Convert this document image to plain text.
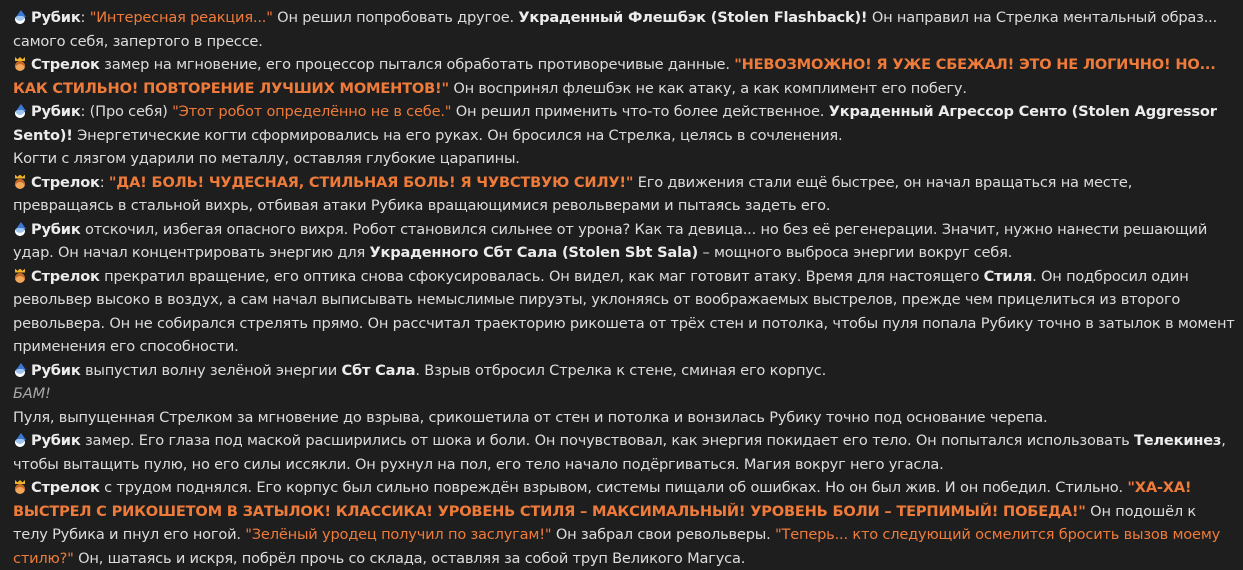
Рубик: "Интересная реакция..." Он решил попробовать другое. Украденный Флешбэк (Stolen Flashback)! Он направил на Стрелка ментальный образ... самого себя, запертого в прессе.

Стрелок замер на мгновение, его процессор пытался обработать противоречивые данные. "НЕВОЗМОЖНО! Я УЖЕ СБЕЖАЛ! ЭТО НЕ ЛОГИЧНО! НО... КАК СТИЛЬНО! ПОВТОРЕНИЕ ЛУЧШИХ МОМЕНТОВ!" Он воспринял флешбэк не как атаку, а как комплимент его побегу.

Рубик: (Про себя) "Этот робот определённо не в себе." Он решил применить что-то более действенное. Украденный Агрессор Сенто (Stolen Aggressor Sento)! Энергетические когти сформировались на его руках. Он бросился на Стрелка, целясь в сочленения.

Когти с лязгом ударили по металлу, оставляя глубокие царапины.

Стрелок: "ДА! БОЛЬ! ЧУДЕСНАЯ, СТИЛЬНАЯ БОЛЬ! Я ЧУВСТВУЮ СИЛУ!" Его движения стали ещё быстрее, он начал вращаться на месте, превращаясь в стальной вихрь, отбивая атаки Рубика вращающимися револьверами и пытаясь задеть его.

Рубик отскочил, избегая опасного вихря. Робот становился сильнее от урона? Как та девица... но без её регенерации. Значит, нужно нанести решающий удар. Он начал концентрировать энергию для Украденного Сбт Сала (Stolen Sbt Sala) – мощного выброса энергии вокруг себя.

Стрелок прекратил вращение, его оптика снова сфокусировалась. Он видел, как маг готовит атаку. Время для настоящего Стиля. Он подбросил один револьвер высоко в воздух, а сам начал выписывать немыслимые пируэты, уклоняясь от воображаемых выстрелов, прежде чем прицелиться из второго револьвера. Он не собирался стрелять прямо. Он рассчитал траекторию рикошета от трёх стен и потолка, чтобы пуля попала Рубику точно в затылок в момент применения его способности.

Рубик выпустил волну зелёной энергии Сбт Сала. Взрыв отбросил Стрелка к стене, сминая его корпус.

БАМ!

Пуля, выпущенная Стрелком за мгновение до взрыва, срикошетила от стен и потолка и вонзилась Рубику точно под основание черепа.

Рубик замер. Его глаза под маской расширились от шока и боли. Он почувствовал, как энергия покидает его тело. Он попытался использовать Телекинез, чтобы вытащить пулю, но его силы иссякли. Он рухнул на пол, его тело начало подёргиваться. Магия вокруг него угасла.

Стрелок с трудом поднялся. Его корпус был сильно повреждён взрывом, системы пищали об ошибках. Но он был жив. И он победил. Стильно. "ХА-ХА! ВЫСТРЕЛ С РИКОШЕТОМ В ЗАТЫЛОК! КЛАССИКА! УРОВЕНЬ СТИЛЯ – МАКСИМАЛЬНЫЙ! УРОВЕНЬ БОЛИ – ТЕРПИМЫЙ! ПОБЕДА!" Он подошёл к телу Рубика и пнул его ногой. "Зелёный уродец получил по заслугам!" Он забрал свои револьверы. "Теперь... кто следующий осмелится бросить вызов моему стилю?" Он, шатаясь и искря, побрёл прочь со склада, оставляя за собой труп Великого Магуса.
